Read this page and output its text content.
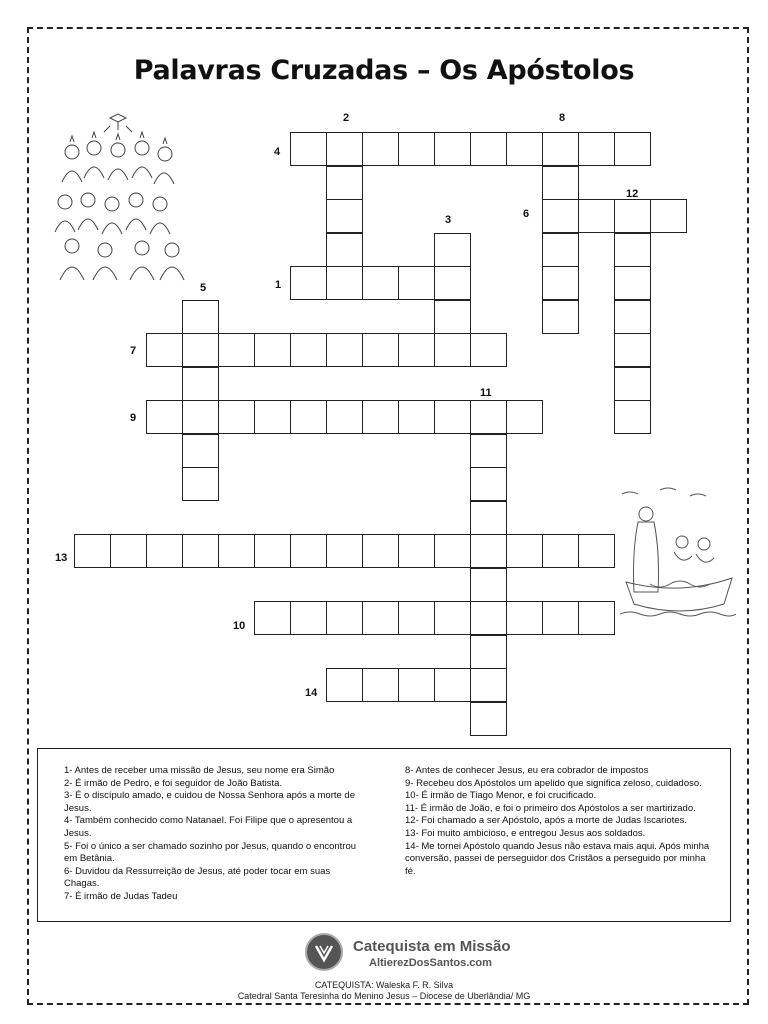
Palavras Cruzadas – Os Apóstolos
2	8
4
12
6
3
1
5
7
11
9
13
10
14
1- Antes de receber uma missão de Jesus, seu nome era Simão
2- É irmão de Pedro, e foi seguidor de João Batista.
3- É o discípulo amado, e cuidou de Nossa Senhora após a morte de Jesus.
4- Também conhecido como Natanael. Foi Filipe que o apresentou a Jesus.
5- Foi o único a ser chamado sozinho por Jesus, quando o encontrou em Betânia.
6- Duvidou da Ressurreição de Jesus, até poder tocar em suas Chagas.
7- É irmão de Judas Tadeu
8- Antes de conhecer Jesus, eu era cobrador de impostos
9- Recebeu dos Apóstolos um apelido que significa zeloso, cuidadoso.
10- É irmão de Tiago Menor, e foi crucificado.
11- É irmão de João, e foi o primeiro dos Apóstolos a ser martirizado.
12- Foi chamado a ser Apóstolo, após a morte de Judas Iscariotes.
13- Foi muito ambicioso, e entregou Jesus aos soldados.
14- Me tornei Apóstolo quando Jesus não estava mais aqui. Após minha conversão, passei de perseguidor dos Cristãos a perseguido por minha fé.
Catequista em Missão
AltierezDosSantos.com
CATEQUISTA: Waleska F. R. Silva
Catedral Santa Teresinha do Menino Jesus – Diocese de Uberlândia/ MG
